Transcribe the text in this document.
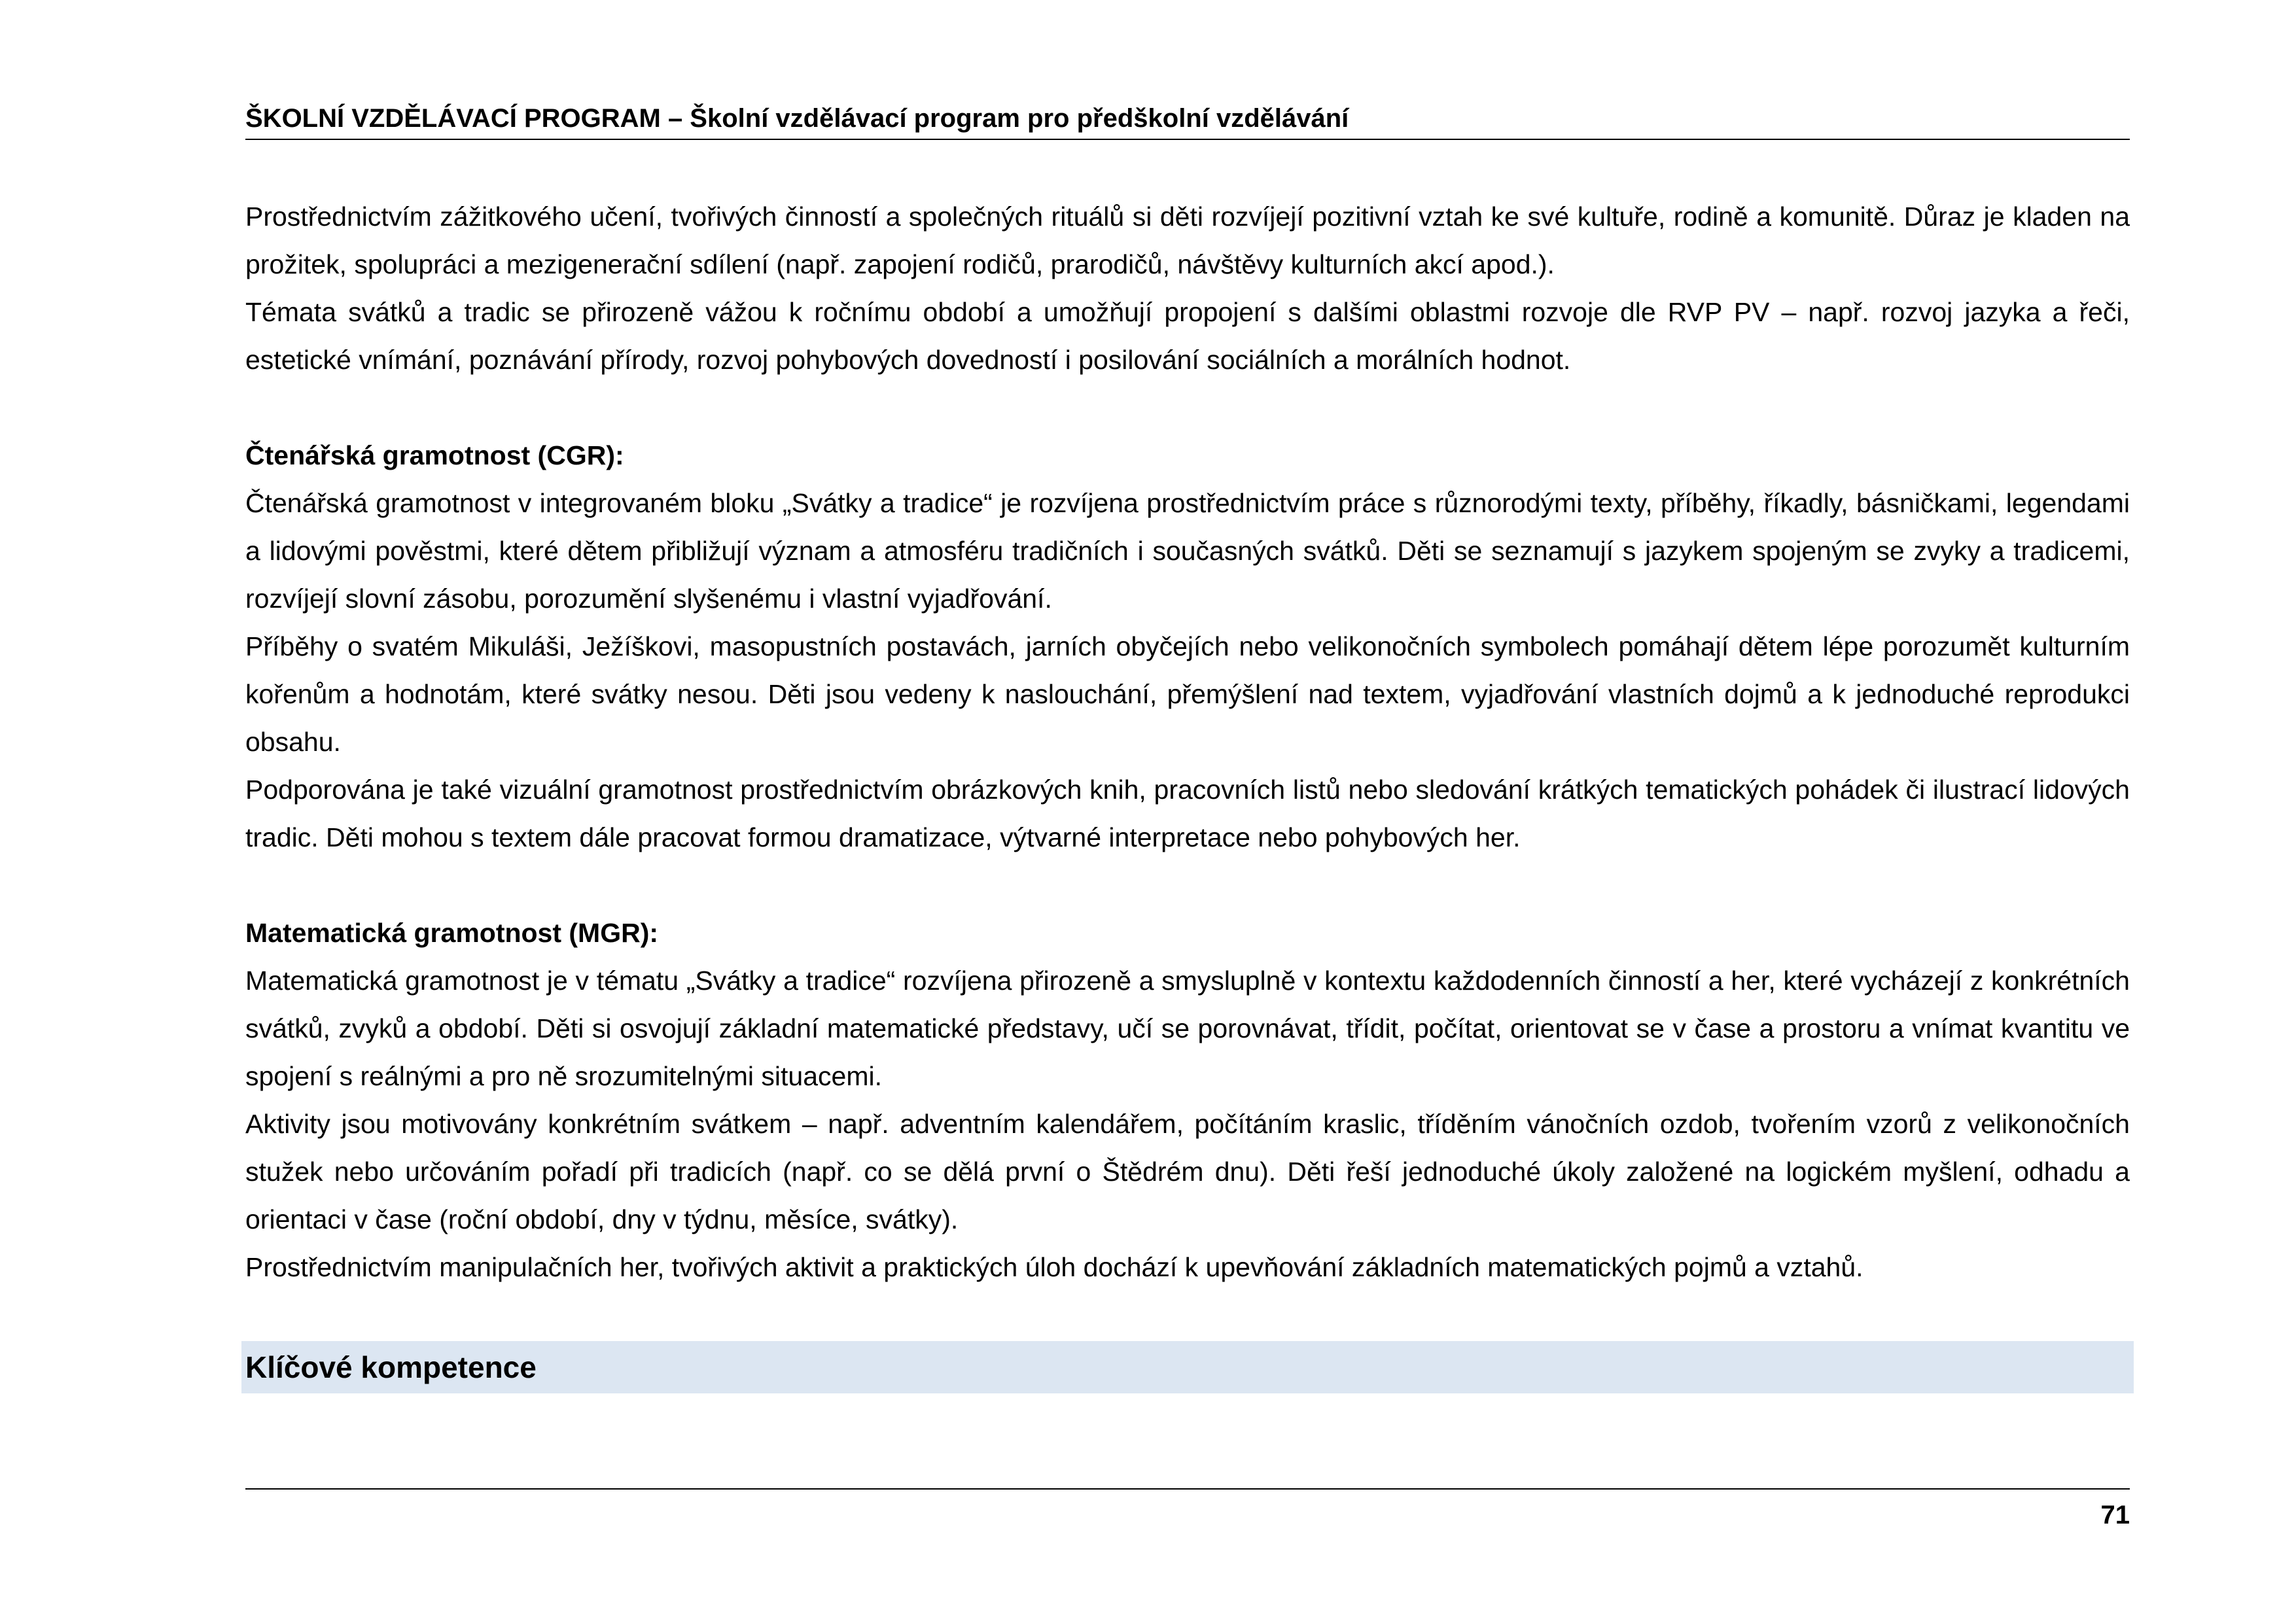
ŠKOLNÍ VZDĚLÁVACÍ PROGRAM – Školní vzdělávací program pro předškolní vzdělávání

Prostřednictvím zážitkového učení, tvořivých činností a společných rituálů si děti rozvíjejí pozitivní vztah ke své kultuře, rodině a komunitě. Důraz je kladen na prožitek, spolupráci a mezigenerační sdílení (např. zapojení rodičů, prarodičů, návštěvy kulturních akcí apod.).

Témata svátků a tradic se přirozeně vážou k ročnímu období a umožňují propojení s dalšími oblastmi rozvoje dle RVP PV – např. rozvoj jazyka a řeči, estetické vnímání, poznávání přírody, rozvoj pohybových dovedností i posilování sociálních a morálních hodnot.

Čtenářská gramotnost (CGR):

Čtenářská gramotnost v integrovaném bloku „Svátky a tradice“ je rozvíjena prostřednictvím práce s různorodými texty, příběhy, říkadly, básničkami, legendami a lidovými pověstmi, které dětem přibližují význam a atmosféru tradičních i současných svátků. Děti se seznamují s jazykem spojeným se zvyky a tradicemi, rozvíjejí slovní zásobu, porozumění slyšenému i vlastní vyjadřování.

Příběhy o svatém Mikuláši, Ježíškovi, masopustních postavách, jarních obyčejích nebo velikonočních symbolech pomáhají dětem lépe porozumět kulturním kořenům a hodnotám, které svátky nesou. Děti jsou vedeny k naslouchání, přemýšlení nad textem, vyjadřování vlastních dojmů a k jednoduché reprodukci obsahu.

Podporována je také vizuální gramotnost prostřednictvím obrázkových knih, pracovních listů nebo sledování krátkých tematických pohádek či ilustrací lidových tradic. Děti mohou s textem dále pracovat formou dramatizace, výtvarné interpretace nebo pohybových her.

Matematická gramotnost (MGR):

Matematická gramotnost je v tématu „Svátky a tradice“ rozvíjena přirozeně a smysluplně v kontextu každodenních činností a her, které vycházejí z konkrétních svátků, zvyků a období. Děti si osvojují základní matematické představy, učí se porovnávat, třídit, počítat, orientovat se v čase a prostoru a vnímat kvantitu ve spojení s reálnými a pro ně srozumitelnými situacemi.

Aktivity jsou motivovány konkrétním svátkem – např. adventním kalendářem, počítáním kraslic, tříděním vánočních ozdob, tvořením vzorů z velikonočních stužek nebo určováním pořadí při tradicích (např. co se dělá první o Štědrém dnu). Děti řeší jednoduché úkoly založené na logickém myšlení, odhadu a orientaci v čase (roční období, dny v týdnu, měsíce, svátky).

Prostřednictvím manipulačních her, tvořivých aktivit a praktických úloh dochází k upevňování základních matematických pojmů a vztahů.

Klíčové kompetence
71
